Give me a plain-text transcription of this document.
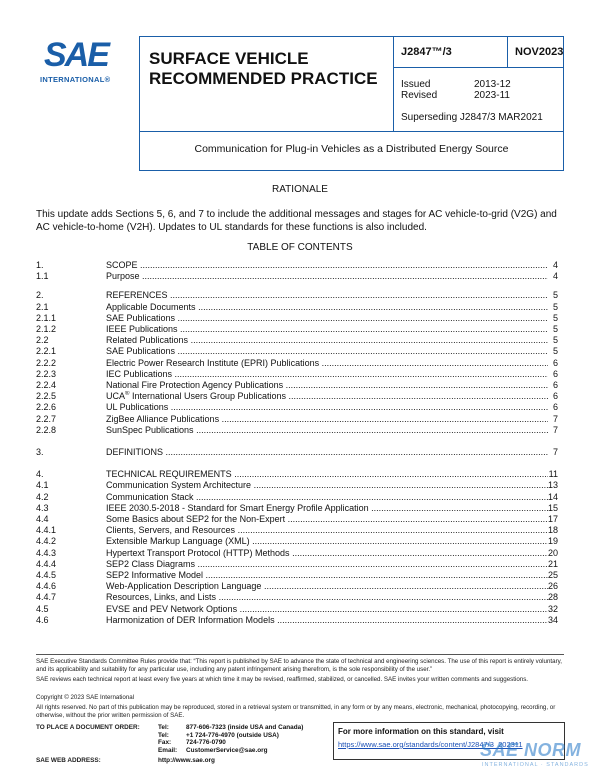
SAE
INTERNATIONAL®
SURFACE VEHICLE
RECOMMENDED PRACTICE
J2847™/3	NOV2023
Issued	2013-12
Revised	2023-11
Superseding J2847/3 MAR2021
Communication for Plug-in Vehicles as a Distributed Energy Source
RATIONALE
This update adds Sections 5, 6, and 7 to include the additional messages and stages for AC vehicle-to-grid (V2G) and AC vehicle-to-home (V2H). Updates to UL standards for these functions is also included.
TABLE OF CONTENTS
1.	SCOPE .....	4
1.1	Purpose .....	4
2.	REFERENCES .....	5
2.1	Applicable Documents .....	5
2.1.1	SAE Publications .....	5
2.1.2	IEEE Publications .....	5
2.2	Related Publications .....	5
2.2.1	SAE Publications .....	5
2.2.2	Electric Power Research Institute (EPRI) Publications .....	6
2.2.3	IEC Publications .....	6
2.2.4	National Fire Protection Agency Publications .....	6
2.2.5	UCA® International Users Group Publications .....	6
2.2.6	UL Publications .....	6
2.2.7	ZigBee Alliance Publications .....	7
2.2.8	SunSpec Publications .....	7
3.	DEFINITIONS .....	7
4.	TECHNICAL REQUIREMENTS .....	11
4.1	Communication System Architecture .....	13
4.2	Communication Stack .....	14
4.3	IEEE 2030.5-2018 - Standard for Smart Energy Profile Application .....	15
4.4	Some Basics about SEP2 for the Non-Expert .....	17
4.4.1	Clients, Servers, and Resources .....	18
4.4.2	Extensible Markup Language (XML) .....	19
4.4.3	Hypertext Transport Protocol (HTTP) Methods .....	20
4.4.4	SEP2 Class Diagrams .....	21
4.4.5	SEP2 Informative Model .....	25
4.4.6	Web-Application Description Language .....	26
4.4.7	Resources, Links, and Lists .....	28
4.5	EVSE and PEV Network Options .....	32
4.6	Harmonization of DER Information Models .....	34
SAE Executive Standards Committee Rules provide that: “This report is published by SAE to advance the state of technical and engineering sciences. The use of this report is entirely voluntary, and its applicability and suitability for any particular use, including any patent infringement arising therefrom, is the sole responsibility of the user.”
SAE reviews each technical report at least every five years at which time it may be revised, reaffirmed, stabilized, or cancelled. SAE invites your written comments and suggestions.
Copyright © 2023 SAE International
All rights reserved. No part of this publication may be reproduced, stored in a retrieval system or transmitted, in any form or by any means, electronic, mechanical, photocopying, recording, or otherwise, without the prior written permission of SAE.
TO PLACE A DOCUMENT ORDER:	Tel:	877-606-7323 (inside USA and Canada)
Tel:	+1 724-776-4970 (outside USA)
Fax: 724-776-0790
Email: CustomerService@sae.org
SAE WEB ADDRESS:	http://www.sae.org
For more information on this standard, visit
https://www.sae.org/standards/content/J2847/3_202311
SAE NORM
INTERNATIONAL · STANDARDS
